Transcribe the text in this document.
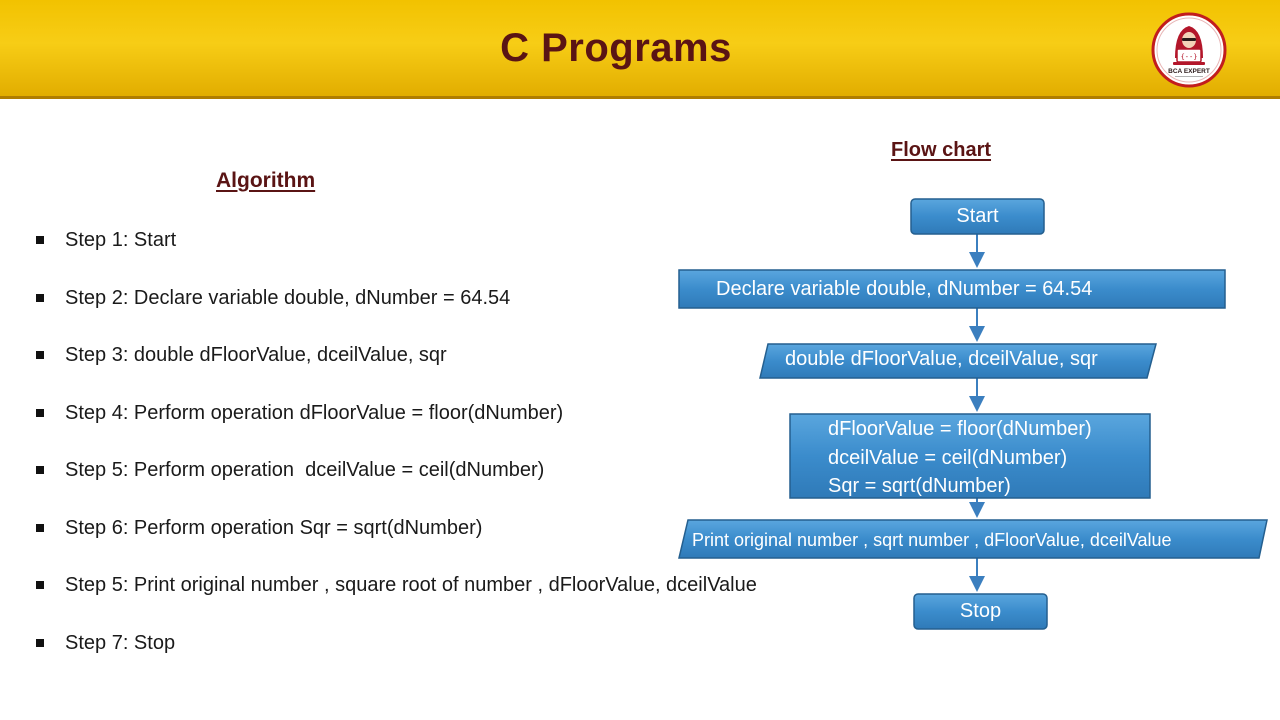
C Programs	{--}
BCA EXPERT
Algorithm
Step 1: Start
Step 2: Declare variable double, dNumber = 64.54
Step 3: double dFloorValue, dceilValue, sqr
Step 4: Perform operation dFloorValue = floor(dNumber)
Step 5: Perform operation  dceilValue = ceil(dNumber)
Step 6: Perform operation Sqr = sqrt(dNumber)
Step 5: Print original number , square root of number , dFloorValue, dceilValue
Step 7: Stop
Flow chart
Start
Declare variable double, dNumber = 64.54
double dFloorValue, dceilValue, sqr
dFloorValue = floor(dNumber)
dceilValue = ceil(dNumber)
Sqr = sqrt(dNumber)
Print original number , sqrt number , dFloorValue, dceilValue
Stop
